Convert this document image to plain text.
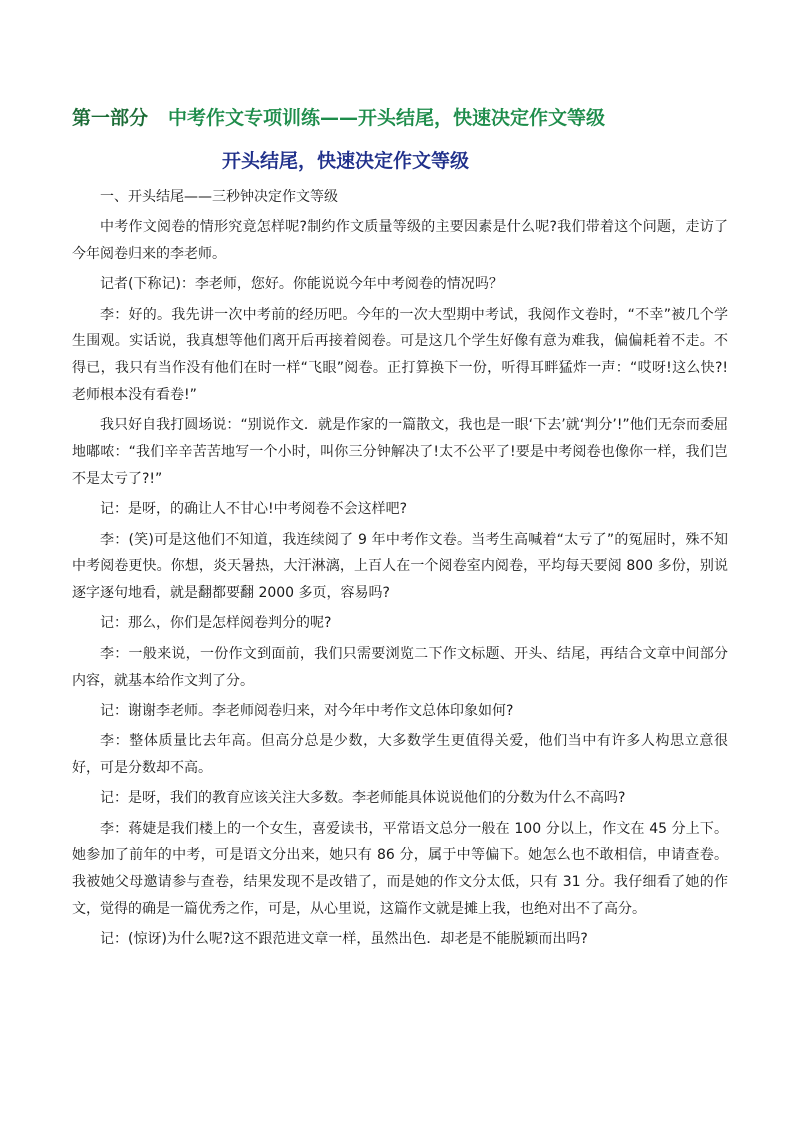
第一部分 中考作文专项训练——开头结尾，快速决定作文等级
开头结尾，快速决定作文等级

一、开头结尾——三秒钟决定作文等级

中考作文阅卷的情形究竟怎样呢?制约作文质量等级的主要因素是什么呢?我们带着这个问题，走访了今年阅卷归来的李老师。

记者(下称记)：李老师，您好。你能说说今年中考阅卷的情况吗？

李：好的。我先讲一次中考前的经历吧。今年的一次大型期中考试，我阅作文卷时，“不幸”被几个学生围观。实话说，我真想等他们离开后再接着阅卷。可是这几个学生好像有意为难我，偏偏耗着不走。不得已，我只有当作没有他们在时一样“飞眼”阅卷。正打算换下一份，听得耳畔猛炸一声：“哎呀!这么快?!老师根本没有看卷!”

我只好自我打圆场说：“别说作文．就是作家的一篇散文，我也是一眼‘下去’就‘判分’!”他们无奈而委屈地嘟哝：“我们辛辛苦苦地写一个小时，叫你三分钟解决了!太不公平了!要是中考阅卷也像你一样，我们岂不是太亏了?!”

记：是呀，的确让人不甘心!中考阅卷不会这样吧?

李：(笑)可是这他们不知道，我连续阅了 9 年中考作文卷。当考生高喊着“太亏了”的冤屈时，殊不知中考阅卷更快。你想，炎天暑热，大汗淋漓，上百人在一个阅卷室内阅卷，平均每天要阅 800 多份，别说逐字逐句地看，就是翻都要翻 2000 多页，容易吗?

记：那么，你们是怎样阅卷判分的呢?

李：一般来说，一份作文到面前，我们只需要浏览二下作文标题、开头、结尾，再结合文章中间部分内容，就基本给作文判了分。

记：谢谢李老师。李老师阅卷归来，对今年中考作文总体印象如何?

李：整体质量比去年高。但高分总是少数，大多数学生更值得关爱，他们当中有许多人构思立意很好，可是分数却不高。

记：是呀，我们的教育应该关注大多数。李老师能具体说说他们的分数为什么不高吗?

李：蒋婕是我们楼上的一个女生，喜爱读书，平常语文总分一般在 100 分以上，作文在 45 分上下。她参加了前年的中考，可是语文分出来，她只有 86 分，属于中等偏下。她怎么也不敢相信，申请查卷。我被她父母邀请参与查卷，结果发现不是改错了，而是她的作文分太低，只有 31 分。我仔细看了她的作文，觉得的确是一篇优秀之作，可是，从心里说，这篇作文就是摊上我，也绝对出不了高分。

记：(惊讶)为什么呢?这不跟范进文章一样，虽然出色．却老是不能脱颖而出吗?
